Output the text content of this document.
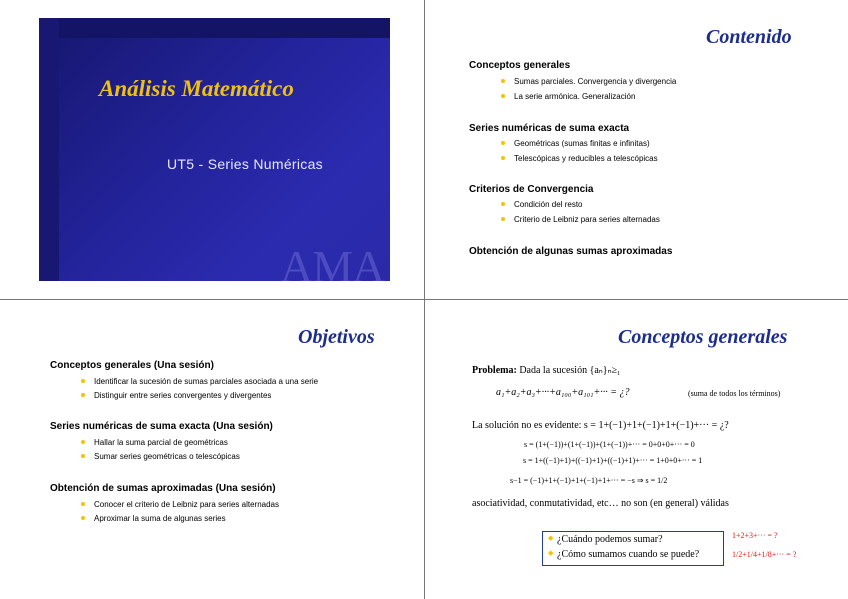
Análisis Matemático
UT5 - Series Numéricas
AMA
Contenido
Conceptos generales
Sumas parciales. Convergencia y divergencia
La serie armónica. Generalización
Series numéricas de suma exacta
Geométricas (sumas finitas e infinitas)
Telescópicas y reducibles a telescópicas
Criterios de Convergencia
Condición del resto
Criterio de Leibniz para series alternadas
Obtención de algunas sumas aproximadas
Objetivos
Conceptos generales (Una sesión)
Identificar la sucesión de sumas parciales asociada a una serie
Distinguir entre series convergentes y divergentes
Series numéricas de suma exacta (Una sesión)
Hallar la suma parcial de geométricas
Sumar series geométricas o telescópicas
Obtención de sumas aproximadas (Una sesión)
Conocer el criterio de Leibniz para series alternadas
Aproximar la suma de algunas series
Conceptos generales
Problema: Dada la sucesión {aₙ}ₙ≥₁
a₁+a₂+a₃+···+a₁₀₀+a₁₀₁+··· = ¿?	(suma de todos los términos)
La solución no es evidente: s = 1+(−1)+1+(−1)+1+(−1)+··· = ¿?
s = (1+(−1))+(1+(−1))+(1+(−1))+··· = 0+0+0+··· = 0
s = 1+((−1)+1)+((−1)+1)+((−1)+1)+··· = 1+0+0+··· = 1
s−1 = (−1)+1+(−1)+1+(−1)+1+··· = −s ⇒ s = 1/2
asociatividad, conmutatividad, etc… no son (en general) válidas
◆ ¿Cuándo podemos sumar?
◆ ¿Cómo sumamos cuando se puede?
1+2+3+··· = ?
1/2+1/4+1/8+··· = ?
